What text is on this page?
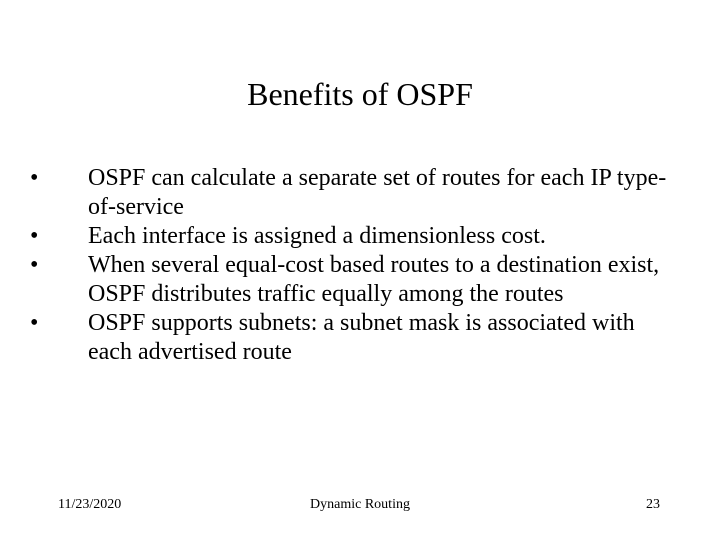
Benefits of OSPF
•	OSPF can calculate a separate set of routes for each IP type-of-service
•	Each interface is assigned a dimensionless cost.
•	When several equal-cost based routes to a destination exist, OSPF distributes traffic equally among the routes
•	OSPF supports subnets: a subnet mask is associated with each advertised route
11/23/2020	Dynamic Routing	23
